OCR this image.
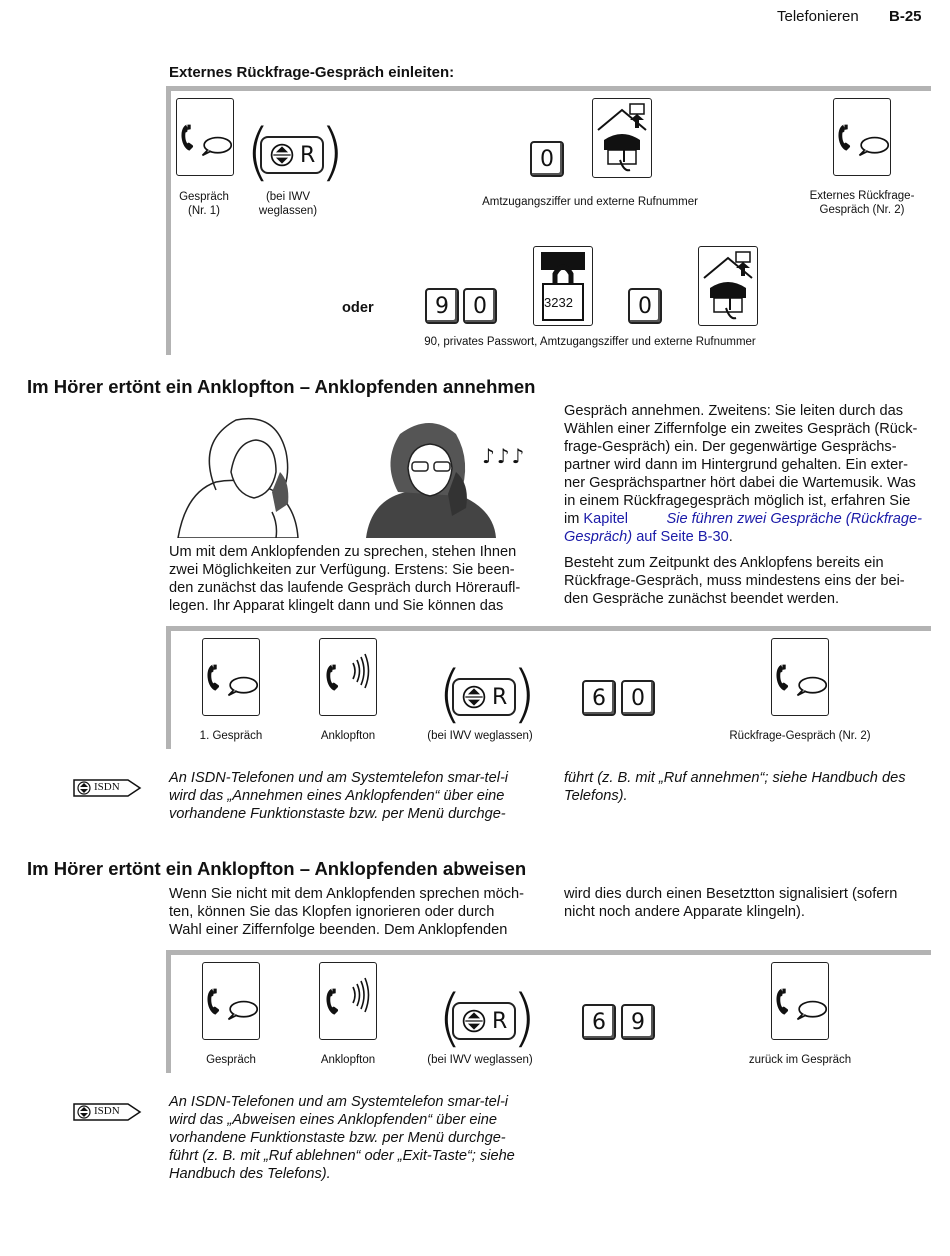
Telefonieren B-25
Externes Rückfrage-Gespräch einleiten:
Gespräch
(Nr. 1)
( R )
(bei IWV
weglassen)
0
Amtzugangsziffer und externe Rufnummer	Externes Rückfrage-
Gespräch (Nr. 2)
oder	9	0	3232	0
90, privates Passwort, Amtzugangsziffer und externe Rufnummer
Im Hörer ertönt ein Anklopfton – Anklopfenden annehmen
♪♪♪
Um mit dem Anklopfenden zu sprechen, stehen Ihnen
zwei Möglichkeiten zur Verfügung. Erstens: Sie been-
den zunächst das laufende Gespräch durch Höreraufl-
legen. Ihr Apparat klingelt dann und Sie können das
Gespräch annehmen. Zweitens: Sie leiten durch das
Wählen einer Ziffernfolge ein zweites Gespräch (Rück-
frage-Gespräch) ein. Der gegenwärtige Gesprächs-
partner wird dann im Hintergrund gehalten. Ein exter-
ner Gesprächspartner hört dabei die Wartemusik. Was
in einem Rückfragegespräch möglich ist, erfahren Sie
im Kapitel	Sie führen zwei Gespräche (Rückfrage-
Gespräch) auf Seite B-30.
Besteht zum Zeitpunkt des Anklopfens bereits ein
Rückfrage-Gespräch, muss mindestens eins der bei-
den Gespräche zunächst beendet werden.
1. Gespräch	Anklopfton
( R )
(bei IWV weglassen)
6	0
Rückfrage-Gespräch (Nr. 2)
ISDN
An ISDN-Telefonen und am Systemtelefon smar-tel-i
wird das „Annehmen eines Anklopfenden“ über eine
vorhandene Funktionstaste bzw. per Menü durchge-
führt (z. B. mit „Ruf annehmen“; siehe Handbuch des
Telefons).
Im Hörer ertönt ein Anklopfton – Anklopfenden abweisen
Wenn Sie nicht mit dem Anklopfenden sprechen möch-
ten, können Sie das Klopfen ignorieren oder durch
Wahl einer Ziffernfolge beenden. Dem Anklopfenden
wird dies durch einen Besetztton signalisiert (sofern
nicht noch andere Apparate klingeln).
Gespräch	Anklopfton
( R )
(bei IWV weglassen)
6	9
zurück im Gespräch
ISDN
An ISDN-Telefonen und am Systemtelefon smar-tel-i
wird das „Abweisen eines Anklopfenden“ über eine
vorhandene Funktionstaste bzw. per Menü durchge-
führt (z. B. mit „Ruf ablehnen“ oder „Exit-Taste“; siehe
Handbuch des Telefons).
